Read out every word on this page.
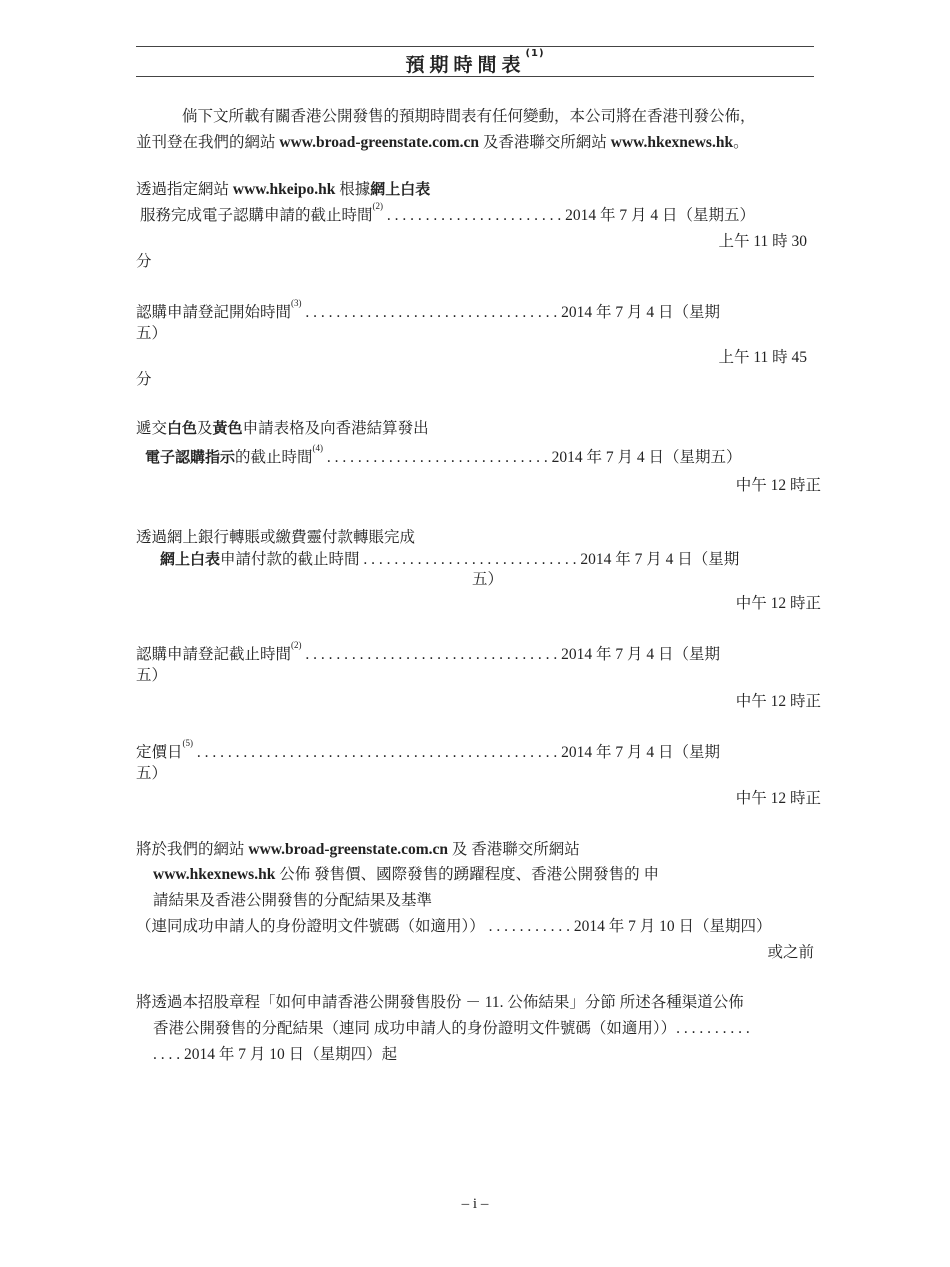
預期時間表$^{(1)}$
倘下文所載有關香港公開發售的預期時間表有任何變動，本公司將在香港刊發公佈，
並刊登在我們的網站 www.broad-greenstate.com.cn 及香港聯交所網站 www.hkexnews.hk。
透過指定網站 www.hkeipo.hk 根據網上白表
服務完成電子認購申請的截止時間$^{(2)}$ . . . . . . . . . . . . . . . . . . . . . . . 2014 年 7 月 4 日（星期五）
上午 11 時 30
分
認購申請登記開始時間$^{(3)}$ . . . . . . . . . . . . . . . . . . . . . . . . . . . . . . . . . 2014 年 7 月 4 日（星期
五）
上午 11 時 45
分
遞交白色及黃色申請表格及向香港結算發出
電子認購指示的截止時間$^{(4)}$ . . . . . . . . . . . . . . . . . . . . . . . . . . . . . 2014 年 7 月 4 日（星期五）
中午 12 時正
透過網上銀行轉賬或繳費靈付款轉賬完成
網上白表申請付款的截止時間 . . . . . . . . . . . . . . . . . . . . . . . . . . . . 2014 年 7 月 4 日（星期
五）
中午 12 時正
認購申請登記截止時間$^{(2)}$ . . . . . . . . . . . . . . . . . . . . . . . . . . . . . . . . . 2014 年 7 月 4 日（星期
五）
中午 12 時正
定價日$^{(5)}$ . . . . . . . . . . . . . . . . . . . . . . . . . . . . . . . . . . . . . . . . . . . . . . . 2014 年 7 月 4 日（星期
五）
中午 12 時正
將於我們的網站 www.broad-greenstate.com.cn 及 香港聯交所網站
www.hkexnews.hk 公佈 發售價、國際發售的踴躍程度、香港公開發售的 申
請結果及香港公開發售的分配結果及基準
（連同成功申請人的身份證明文件號碼（如適用）） . . . . . . . . . . . 2014 年 7 月 10 日（星期四）
或之前
將透過本招股章程「如何申請香港公開發售股份 － 11. 公佈結果」分節 所述各種渠道公佈
香港公開發售的分配結果（連同 成功申請人的身份證明文件號碼（如適用））. . . . . . . . . .
. . . . 2014 年 7 月 10 日（星期四）起
– i –
